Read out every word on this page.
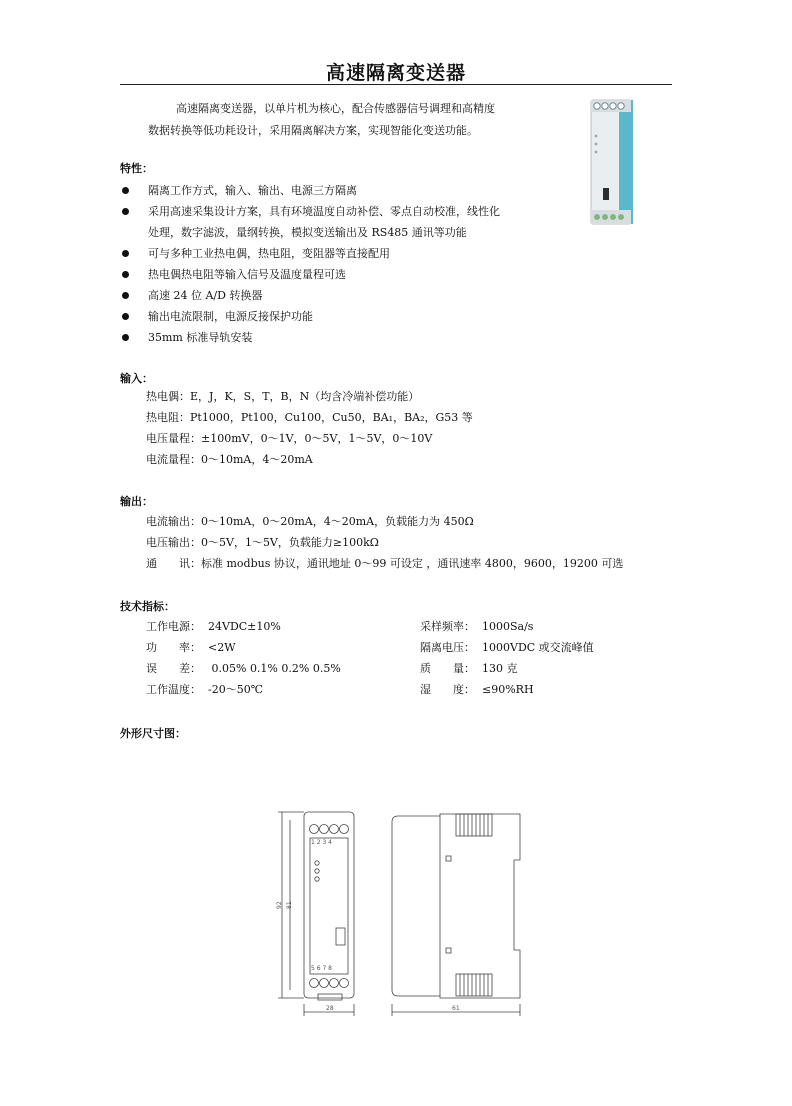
高速隔离变送器
高速隔离变送器，以单片机为核心，配合传感器信号调理和高精度
数据转换等低功耗设计，采用隔离解决方案，实现智能化变送功能。
特性：
隔离工作方式，输入、输出、电源三方隔离
采用高速采集设计方案，具有环境温度自动补偿、零点自动校准，线性化
处理，数字滤波，量纲转换，模拟变送输出及 RS485 通讯等功能
可与多种工业热电偶，热电阻，变阻器等直接配用
热电偶热电阻等输入信号及温度量程可选
高速 24 位 A/D 转换器
输出电流限制，电源反接保护功能
35mm 标准导轨安装
输入：
热电偶：E，J，K，S，T，B，N（均含冷端补偿功能）
热电阻：Pt1000，Pt100，Cu100，Cu50，BA₁，BA₂，G53 等
电压量程：±100mV，0～1V，0～5V，1～5V，0～10V
电流量程：0～10mA，4～20mA
输出：
电流输出：0～10mA，0～20mA，4～20mA，负载能力为 450Ω
电压输出：0～5V，1～5V，负载能力≥100kΩ
通　　讯：标准 modbus 协议，通讯地址 0～99 可设定 ，通讯速率 4800，9600，19200 可选
技术指标：
工作电源： 24VDC±10%
功　　率： <2W
误　　差： 0.05% 0.1% 0.2% 0.5%
工作温度： -20～50℃
采样频率： 1000Sa/s
隔离电压： 1000VDC 或交流峰值
质　　量： 130 克
湿　　度： ≤90%RH
外形尺寸图：
1 2 3 4
5 6 7 8
92 81
28	61
